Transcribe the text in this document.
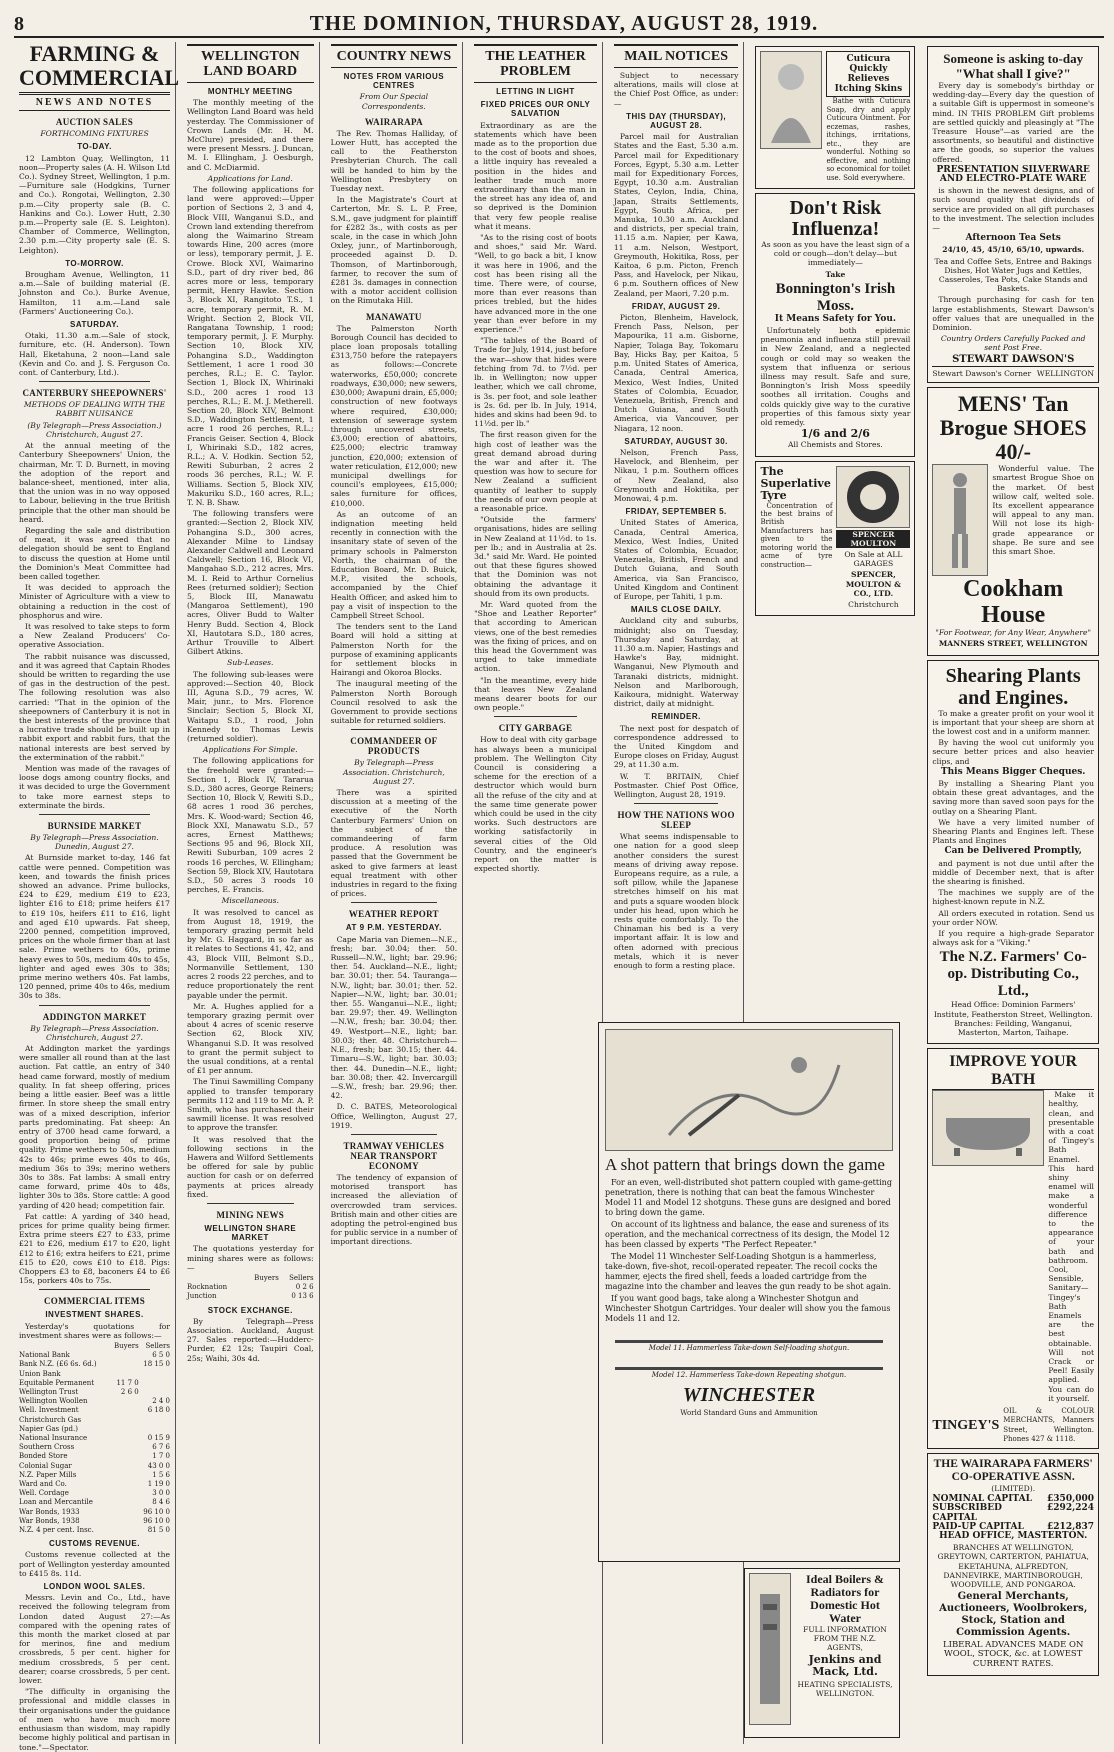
8	THE DOMINION, THURSDAY, AUGUST 28, 1919.
FARMING & COMMERCIAL
NEWS AND NOTES
AUCTION SALES
FORTHCOMING FIXTURES
TO-DAY.

12 Lambton Quay, Wellington, 11 noon—Property sales (A. H. Wilson Ltd Co.). Sydney Street, Wellington, 1 p.m.—Furniture sale (Hodgkins, Turner and Co.). Rongotai, Wellington, 2.30 p.m.—City property sale (B. C. Hankins and Co.). Lower Hutt, 2.30 p.m.—Property sale (E. S. Leighton). Chamber of Commerce, Wellington, 2.30 p.m.—City property sale (E. S. Leighton).

TO-MORROW.

Brougham Avenue, Wellington, 11 a.m.—Sale of building material (E. Johnston and Co.). Burke Avenue, Hamilton, 11 a.m.—Land sale (Farmers' Auctioneering Co.).

SATURDAY.

Otaki, 11.30 a.m.—Sale of stock, furniture, etc. (H. Anderson). Town Hall, Eketahuna, 2 noon—Land sale (Kevin and Co. and J. S. Ferguson Co. cont. of Canterbury, Ltd.).

CANTERBURY SHEEPOWNERS'
METHODS OF DEALING WITH THE RABBIT NUISANCE
(By Telegraph—Press Association.) Christchurch, August 27.

At the annual meeting of the Canterbury Sheepowners' Union, the chairman, Mr. T. D. Burnett, in moving the adoption of the report and balance-sheet, mentioned, inter alia, that the union was in no way opposed to Labour, believing in the true British principle that the other man should be heard.

Regarding the sale and distribution of meat, it was agreed that no delegation should be sent to England to discuss the question at Home until the Dominion's Meat Committee had been called together.

It was decided to approach the Minister of Agriculture with a view to obtaining a reduction in the cost of phosphorus and wire.

It was resolved to take steps to form a New Zealand Producers' Co-operative Association.

The rabbit nuisance was discussed, and it was agreed that Captain Rhodes should be written to regarding the use of gas in the destruction of the pest. The following resolution was also carried: "That in the opinion of the sheepowners of Canterbury it is not in the best interests of the province that a lucrative trade should be built up in rabbit export and rabbit furs, that the national interests are best served by the extermination of the rabbit."

Mention was made of the ravages of loose dogs among country flocks, and it was decided to urge the Government to take more earnest steps to exterminate the birds.

BURNSIDE MARKET
By Telegraph—Press Association. Dunedin, August 27.

At Burnside market to-day, 146 fat cattle were penned. Competition was keen, and towards the finish prices showed an advance. Prime bullocks, £24 to £29, medium £19 to £23, lighter £16 to £18; prime heifers £17 to £19 10s, heifers £11 to £16, light and aged £10 upwards. Fat sheep, 2200 penned, competition improved, prices on the whole firmer than at last sale. Prime wethers to 60s, prime heavy ewes to 50s, medium 40s to 45s, lighter and aged ewes 30s to 38s; prime merino wethers 40s. Fat lambs, 120 penned, prime 40s to 46s, medium 30s to 38s.

ADDINGTON MARKET
By Telegraph—Press Association. Christchurch, August 27.

At Addington market the yardings were smaller all round than at the last auction. Fat cattle, an entry of 340 head came forward, mostly of medium quality. In fat sheep offering, prices being a little easier. Beef was a little firmer. In store sheep the small entry was of a mixed description, inferior parts predominating. Fat sheep: An entry of 3700 head came forward, a good proportion being of prime quality. Prime wethers to 50s, medium 42s to 46s; prime ewes 40s to 46s, medium 36s to 39s; merino wethers 30s to 38s. Fat lambs: A small entry came forward, prime 40s to 48s, lighter 30s to 38s. Store cattle: A good yarding of 420 head; competition fair.

Fat cattle: A yarding of 340 head, prices for prime quality being firmer. Extra prime steers £27 to £33, prime £21 to £26, medium £17 to £20, light £12 to £16; extra heifers to £21, prime £15 to £20, cows £10 to £18. Pigs: Choppers £3 to £8, baconers £4 to £6 15s, porkers 40s to 75s.

COMMERCIAL ITEMS
INVESTMENT SHARES.

Yesterday's quotations for investment shares were as follows:—

	Buyers	Sellers
National Bank		6 5 0
Bank N.Z. (£6 6s. 6d.)		18 15 0
Union Bank		
Equitable Permanent	11 7 0	
Wellington Trust	2 6 0	
Wellington Woollen		2 4 0
Well. Investment		6 18 0
Christchurch Gas		
Napier Gas (pd.)		
National Insurance		0 15 9
Southern Cross		6 7 6
Bonded Store		1 7 0
Colonial Sugar		43 0 0
N.Z. Paper Mills		1 5 6
Ward and Co.		1 19 0
Well. Cordage		3 0 0
Loan and Mercantile		8 4 6
War Bonds, 1933		96 10 0
War Bonds, 1938		96 10 0
N.Z. 4 per cent. Insc.		81 5 0
CUSTOMS REVENUE.

Customs revenue collected at the port of Wellington yesterday amounted to £415 8s. 11d.

LONDON WOOL SALES.

Messrs. Levin and Co., Ltd., have received the following telegram from London dated August 27:—As compared with the opening rates of this month the market closed at par for merinos, fine and medium crossbreds, 5 per cent. higher for medium crossbreds, 5 per cent. dearer; coarse crossbreds, 5 per cent. lower.

"The difficulty in organising the professional and middle classes in their organisations under the guidance of men who have much more enthusiasm than wisdom, may rapidly become highly political and partisan in tone."—Spectator.

WELLINGTON LAND BOARD
MONTHLY MEETING

The monthly meeting of the Wellington Land Board was held yesterday. The Commissioner of Crown Lands (Mr. H. M. McClure) presided, and there were present Messrs. J. Duncan, M. I. Ellingham, J. Oesburgh, and C. McDiarmid.

Applications for Land.

The following applications for land were approved:—Upper portion of Sections 2, 3 and 4, Block VIII, Wanganui S.D., and Crown land extending therefrom along the Waimarino Stream towards Hine, 200 acres (more or less), temporary permit, J. E. Crowe. Block XVI, Waimarino S.D., part of dry river bed, 86 acres more or less, temporary permit, Henry Hawke. Section 3, Block XI, Rangitoto T.S., 1 acre, temporary permit, R. M. Wright. Section 2, Block VII, Rangatana Township, 1 rood; temporary permit, J. F. Murphy. Section 10, Block XIV, Pohangina S.D., Waddington Settlement, 1 acre 1 rood 30 perches, R.L.; E. C. Taylor. Section 1, Block IX, Whirinaki S.D., 200 acres 1 rood 13 perches, R.L.; E. M. J. Metherell. Section 20, Block XIV, Belmont S.D., Waddington Settlement, 1 acre 1 rood 26 perches, R.L.; Francis Geiser. Section 4, Block I, Whirinaki S.D., 182 acres, R.L.; A. V. Hodkin. Section 52, Rewiti Suburban, 2 acres 2 roods 36 perches, R.L.; W. F. Williams. Section 5, Block XIV, Makuriku S.D., 160 acres, R.L.; T. N. B. Shaw.

The following transfers were granted:—Section 2, Block XIV, Pohangina S.D., 300 acres, Alexander Milne to Lindsay Alexander Caldwell and Leonard Caldwell; Section 16, Block VI, Mangahao S.D., 212 acres, Mrs. M. I. Reid to Arthur Cornelius Rees (returned soldier); Section 5, Block III, Manawatu (Mangaroa Settlement), 190 acres, Oliver Budd to Walter Henry Budd. Section 4, Block XI, Hautotara S.D., 180 acres, Arthur Trouville to Albert Gilbert Atkins.

Sub-Leases.

The following sub-leases were approved:—Section 40, Block III, Aguna S.D., 79 acres, W. Mair, junr., to Mrs. Florence Sinclair; Section 5, Block XI, Waitapu S.D., 1 rood, John Kennedy to Thomas Lewis (returned soldier).

Applications For Simple.

The following applications for the freehold were granted:—Section 1, Block IV, Tararua S.D., 380 acres, George Reiners; Section 10, Block V, Rewiti S.D., 68 acres 1 rood 36 perches, Mrs. K. Wood-ward; Section 46, Block XXI, Manawatu S.D., 57 acres, Ernest Matthews; Sections 95 and 96, Block XII, Rewiti Suburban, 109 acres 2 roods 16 perches, W. Ellingham; Section 59, Block XIV, Hautotara S.D., 50 acres 3 roods 10 perches, E. Francis.

Miscellaneous.

It was resolved to cancel as from August 18, 1919, the temporary grazing permit held by Mr. G. Haggard, in so far as it relates to Sections 41, 42, and 43, Block VIII, Belmont S.D., Normanville Settlement, 130 acres 2 roods 22 perches, and to reduce proportionately the rent payable under the permit.

Mr. A. Hughes applied for a temporary grazing permit over about 4 acres of scenic reserve Section 62, Block XIV, Whanganui S.D. It was resolved to grant the permit subject to the usual conditions, at a rental of £1 per annum.

The Tinui Sawmilling Company applied to transfer temporary permits 112 and 119 to Mr. A. P. Smith, who has purchased their sawmill license. It was resolved to approve the transfer.

It was resolved that the following sections in the Hawera and Wilford Settlements be offered for sale by public auction for cash or on deferred payments at prices already fixed.

MINING NEWS
WELLINGTON SHARE MARKET

The quotations yesterday for mining shares were as follows:—

	Buyers	Sellers
Rocknation		0 2 6
Junction		0 13 6
STOCK EXCHANGE.

By Telegraph—Press Association. Auckland, August 27. Sales reported:—Hudderc-Purder, £2 12s; Taupiri Coal, 25s; Waihi, 30s 4d.

COUNTRY NEWS
NOTES FROM VARIOUS CENTRES
From Our Special Correspondents.
WAIRARAPA

The Rev. Thomas Halliday, of Lower Hutt, has accepted the call to the Featherston Presbyterian Church. The call will be handed to him by the Wellington Presbytery on Tuesday next.

In the Magistrate's Court at Carterton, Mr. S. L. P. Free, S.M., gave judgment for plaintiff for £282 3s., with costs as per scale, in the case in which John Oxley, junr., of Martinborough, proceeded against D. D. Thomson, of Martinborough, farmer, to recover the sum of £281 3s. damages in connection with a motor accident collision on the Rimutaka Hill.

MANAWATU

The Palmerston North Borough Council has decided to place loan proposals totalling £313,750 before the ratepayers as follows:—Concrete waterworks, £50,000; concrete roadways, £30,000; new sewers, £30,000; Awapuni drain, £5,000; construction of new footways where required, £30,000; extension of sewerage system through uncovered streets, £3,000; erection of abattoirs, £25,000; electric tramway junction, £20,000; extension of water reticulation, £12,000; new municipal dwellings for council's employees, £15,000; sales furniture for offices, £10,000.

As an outcome of an indignation meeting held recently in connection with the insanitary state of seven of the primary schools in Palmerston North, the chairman of the Education Board, Mr. D. Buick, M.P., visited the schools, accompanied by the Chief Health Officer, and asked him to pay a visit of inspection to the Campbell Street School.

The tenders sent to the Land Board will hold a sitting at Palmerston North for the purpose of examining applicants for settlement blocks in Hairangi and Okoroa Blocks.

The inaugural meeting of the Palmerston North Borough Council resolved to ask the Government to provide sections suitable for returned soldiers.

COMMANDEER OF PRODUCTS
By Telegraph—Press Association. Christchurch, August 27.

There was a spirited discussion at a meeting of the executive of the North Canterbury Farmers' Union on the subject of the commandeering of farm produce. A resolution was passed that the Government be asked to give farmers at least equal treatment with other industries in regard to the fixing of prices.

WEATHER REPORT
AT 9 P.M. YESTERDAY.

Cape Maria van Diemen—N.E., fresh; bar. 30.04; ther. 50. Russell—N.W., light; bar. 29.96; ther. 54. Auckland—N.E., light; bar. 30.01; ther. 54. Tauranga—N.W., light; bar. 30.01; ther. 52. Napier—N.W., light; bar. 30.01; ther. 55. Wanganui—N.E., light; bar. 29.97; ther. 49. Wellington—N.W., fresh; bar. 30.04; ther. 49. Westport—N.E., light; bar. 30.03; ther. 48. Christchurch—N.E., fresh; bar. 30.15; ther. 44. Timaru—S.W., light; bar. 30.03; ther. 44. Dunedin—N.E., light; bar. 30.08; ther. 42. Invercargill—S.W., fresh; bar. 29.96; ther. 42.

D. C. BATES, Meteorological Office, Wellington, August 27, 1919.

TRAMWAY VEHICLES NEAR TRANSPORT ECONOMY

The tendency of expansion of motorised transport has increased the alleviation of overcrowded tram services. British main and other cities are adopting the petrol-engined bus for public service in a number of important directions.

THE LEATHER PROBLEM
LETTING IN LIGHT
FIXED PRICES OUR ONLY SALVATION

Extraordinary as are the statements which have been made as to the proportion due to the cost of boots and shoes, a little inquiry has revealed a position in the hides and leather trade much more extraordinary than the man in the street has any idea of, and so deprived is the Dominion that very few people realise what it means.

"As to the rising cost of boots and shoes," said Mr. Ward. "Well, to go back a bit, I know it was here in 1906, and the cost has been rising all the time. There were, of course, more than ever reasons than prices trebled, but the hides have advanced more in the one year than ever before in my experience."

"The tables of the Board of Trade for July, 1914, just before the war—show that hides were fetching from 7d. to 7½d. per lb. in Wellington; now upper leather, which we call chrome, is 3s. per foot, and sole leather is 2s. 6d. per lb. In July, 1914, hides and skins had been 9d. to 11½d. per lb."

The first reason given for the high cost of leather was the great demand abroad during the war and after it. The question was how to secure for New Zealand a sufficient quantity of leather to supply the needs of our own people at a reasonable price.

"Outside the farmers' organisations, hides are selling in New Zealand at 11½d. to 1s. per lb.; and in Australia at 2s. 3d." said Mr. Ward. He pointed out that these figures showed that the Dominion was not obtaining the advantage it should from its own products.

Mr. Ward quoted from the "Shoe and Leather Reporter" that according to American views, one of the best remedies was the fixing of prices, and on this head the Government was urged to take immediate action.

"In the meantime, every hide that leaves New Zealand means dearer boots for our own people."

CITY GARBAGE

How to deal with city garbage has always been a municipal problem. The Wellington City Council is considering a scheme for the erection of a destructor which would burn all the refuse of the city and at the same time generate power which could be used in the city works. Such destructors are working satisfactorily in several cities of the Old Country, and the engineer's report on the matter is expected shortly.

MAIL NOTICES

Subject to necessary alterations, mails will close at the Chief Post Office, as under:—

THIS DAY (THURSDAY), AUGUST 28.

Parcel mail for Australian States and the East, 5.30 a.m. Parcel mail for Expeditionary Forces, Egypt, 5.30 a.m. Letter mail for Expeditionary Forces, Egypt, 10.30 a.m. Australian States, Ceylon, India, China, Japan, Straits Settlements, Egypt, South Africa, per Manuka, 10.30 a.m. Auckland and districts, per special train, 11.15 a.m. Napier, per Kawa, 11 a.m. Nelson, Westport, Greymouth, Hokitika, Ross, per Kaitoa, 6 p.m. Picton, French Pass, and Havelock, per Nikau, 6 p.m. Southern offices of New Zealand, per Maori, 7.20 p.m.

FRIDAY, AUGUST 29.

Picton, Blenheim, Havelock, French Pass, Nelson, per Mapourika, 11 a.m. Gisborne, Napier, Tolaga Bay, Tokomaru Bay, Hicks Bay, per Kaitoa, 5 p.m. United States of America, Canada, Central America, Mexico, West Indies, United States of Colombia, Ecuador, Venezuela, British, French and Dutch Guiana, and South America, via Vancouver, per Niagara, 12 noon.

SATURDAY, AUGUST 30.

Nelson, French Pass, Havelock, and Blenheim, per Nikau, 1 p.m. Southern offices of New Zealand, also Greymouth and Hokitika, per Monowai, 4 p.m.

FRIDAY, SEPTEMBER 5.

United States of America, Canada, Central America, Mexico, West Indies, United States of Colombia, Ecuador, Venezuela, British, French and Dutch Guiana, and South America, via San Francisco, United Kingdom and Continent of Europe, per Tahiti, 1 p.m.

MAILS CLOSE DAILY.

Auckland city and suburbs, midnight; also on Tuesday, Thursday and Saturday, at 11.30 a.m. Napier, Hastings and Hawke's Bay, midnight. Wanganui, New Plymouth and Taranaki districts, midnight. Nelson and Marlborough, Kaikoura, midnight. Waterway district, daily at midnight.

REMINDER.

The next post for despatch of correspondence addressed to the United Kingdom and Europe closes on Friday, August 29, at 11.30 a.m.

W. T. BRITAIN, Chief Postmaster. Chief Post Office, Wellington, August 28, 1919.

HOW THE NATIONS WOO SLEEP

What seems indispensable to one nation for a good sleep another considers the surest means of driving away repose. Europeans require, as a rule, a soft pillow, while the Japanese stretches himself on his mat and puts a square wooden block under his head, upon which he rests quite comfortably. To the Chinaman his bed is a very important affair. It is low and often adorned with precious metals, which it is never enough to form a resting place.

Cuticura Quickly Relieves Itching Skins

Bathe with Cuticura Soap, dry and apply Cuticura Ointment. For eczemas, rashes, itchings, irritations, etc., they are wonderful. Nothing so effective, and nothing so economical for toilet use. Sold everywhere.

Don't Risk Influenza!

As soon as you have the least sign of a cold or cough—don't delay—but immediately—

Take

Bonnington's Irish Moss.

It Means Safety for You.

Unfortunately both epidemic pneumonia and influenza still prevail in New Zealand, and a neglected cough or cold may so weaken the system that influenza or serious illness may result. Safe and sure, Bonnington's Irish Moss speedily soothes all irritation. Coughs and colds quickly give way to the curative properties of this famous sixty year old remedy.

1/6 and 2/6

All Chemists and Stores.

The Superlative Tyre

Concentration of the best brains of British Manufacturers has given to the motoring world the acme of tyre construction—

SPENCER MOULTON

On Sale at ALL GARAGES

SPENCER, MOULTON & CO., LTD.

Christchurch

Someone is asking to-day "What shall I give?"

Every day is somebody's birthday or wedding-day—Every day the question of a suitable Gift is uppermost in someone's mind. IN THIS PROBLEM Gift problems are settled quickly and pleasingly at "The Treasure House"—as varied are the assortments, so beautiful and distinctive are the goods, so superior the values offered.

PRESENTATION SILVERWARE AND ELECTRO-PLATE WARE

is shown in the newest designs, and of such sound quality that dividends of service are provided on all gift purchases to the investment. The selection includes—

Afternoon Tea Sets

24/10, 45, 45/10, 65/10, upwards.

Tea and Coffee Sets, Entree and Bakings Dishes, Hot Water Jugs and Kettles, Casseroles, Tea Pots, Cake Stands and Baskets.

Through purchasing for cash for ten large establishments, Stewart Dawson's offer values that are unequalled in the Dominion.

Country Orders Carefully Packed and sent Post Free.

STEWART DAWSON'S

Stewart Dawson's Corner WELLINGTON
MENS' Tan Brogue SHOES 40/-

Wonderful value. The smartest Brogue Shoe on the market. Of best willow calf, welted sole. Its excellent appearance will appeal to any man. Will not lose its high-grade appearance or shape. Be sure and see this smart Shoe.

Cookham House

"For Footwear, for Any Wear, Anywhere"

MANNERS STREET, WELLINGTON

Shearing Plants and Engines.

To make a greater profit on your wool it is important that your sheep are shorn at the lowest cost and in a uniform manner.

By having the wool cut uniformly you secure better prices and also heavier clips, and

This Means Bigger Cheques.

By installing a Shearing Plant you obtain these great advantages, and the saving more than saved soon pays for the outlay on a Shearing Plant.

We have a very limited number of Shearing Plants and Engines left. These Plants and Engines

Can be Delivered Promptly,

and payment is not due until after the middle of December next, that is after the shearing is finished.

The machines we supply are of the highest-known repute in N.Z.

All orders executed in rotation. Send us your order NOW.

If you require a high-grade Separator always ask for a "Viking."

The N.Z. Farmers' Co-op. Distributing Co., Ltd.,

Head Office: Dominion Farmers' Institute, Featherston Street, Wellington. Branches: Feilding, Wanganui, Masterton, Marton, Taihape.

IMPROVE YOUR BATH

Make it healthy, clean, and presentable with a coat of Tingey's Bath Enamel. This hard shiny enamel will make a wonderful difference to the appearance of your bath and bathroom. Cool, Sensible, Sanitary—Tingey's Bath Enamels are the best obtainable. Will not Crack or Peel! Easily applied. You can do it yourself.

TINGEY'S
OIL & COLOUR MERCHANTS, Manners Street, Wellington. Phones 427 & 1118.
THE WAIRARAPA FARMERS' CO-OPERATIVE ASSN.

(LIMITED).

NOMINAL CAPITAL £350,000
SUBSCRIBED CAPITAL
£292,224
PAID-UP CAPITAL	£212,837

HEAD OFFICE, MASTERTON.

BRANCHES AT WELLINGTON, GREYTOWN, CARTERTON, PAHIATUA, EKETAHUNA, ALFREDTON, DANNEVIRKE, MARTINBOROUGH, WOODVILLE, AND PONGAROA.

General Merchants, Auctioneers, Woolbrokers, Stock, Station and Commission Agents.

LIBERAL ADVANCES MADE ON WOOL, STOCK, &c. at LOWEST CURRENT RATES.

A shot pattern that brings down the game

For an even, well-distributed shot pattern coupled with game-getting penetration, there is nothing that can beat the famous Winchester Model 11 and Model 12 shotguns. These guns are designed and bored to bring down the game.

On account of its lightness and balance, the ease and sureness of its operation, and the mechanical correctness of its design, the Model 12 has been classed by experts "The Perfect Repeater."

The Model 11 Winchester Self-Loading Shotgun is a hammerless, take-down, five-shot, recoil-operated repeater. The recoil cocks the hammer, ejects the fired shell, feeds a loaded cartridge from the magazine into the chamber and leaves the gun ready to be shot again.

If you want good bags, take along a Winchester Shotgun and Winchester Shotgun Cartridges. Your dealer will show you the famous Models 11 and 12.

Model 11. Hammerless Take-down Self-loading shotgun.

Model 12. Hammerless Take-down Repeating shotgun.

WINCHESTER

World Standard Guns and Ammunition

Ideal Boilers & Radiators for Domestic Hot Water

FULL INFORMATION FROM THE N.Z. AGENTS,

Jenkins and Mack, Ltd.

HEATING SPECIALISTS, WELLINGTON.
